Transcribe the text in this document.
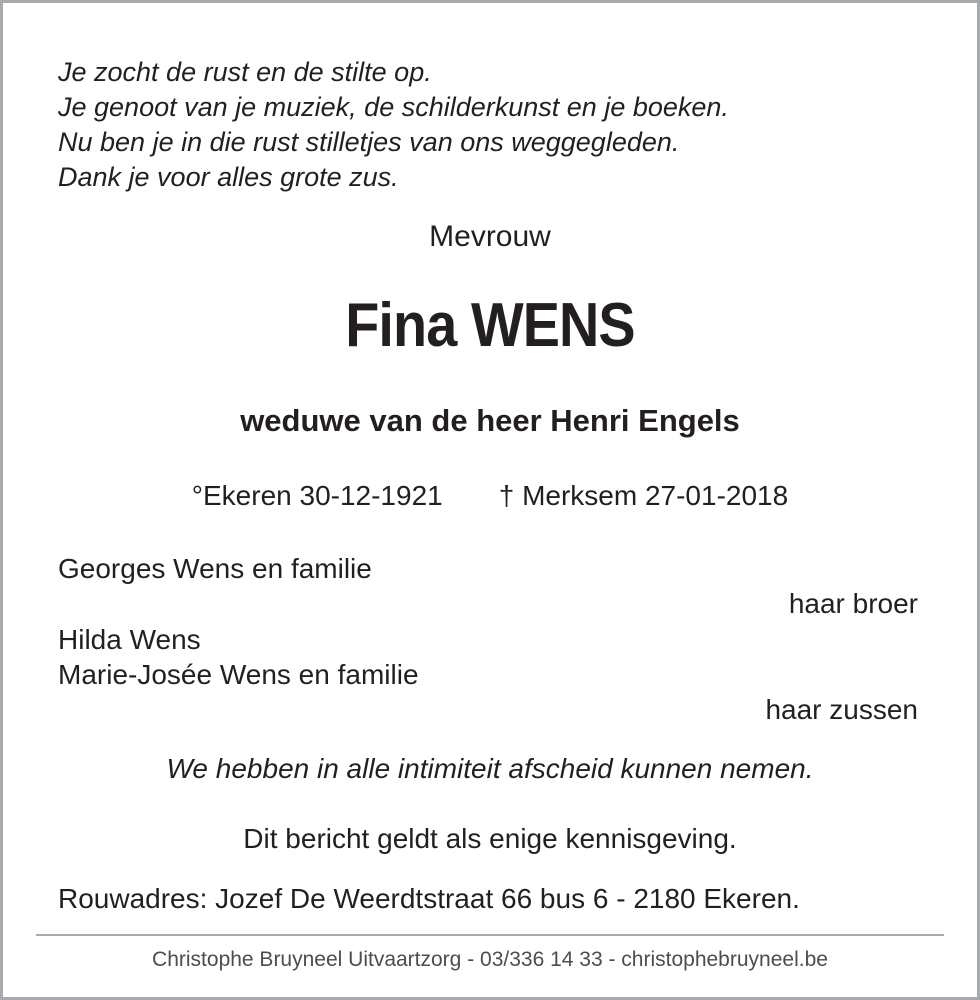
Je zocht de rust en de stilte op.
Je genoot van je muziek, de schilderkunst en je boeken.
Nu ben je in die rust stilletjes van ons weggegleden.
Dank je voor alles grote zus.
Mevrouw
Fina WENS
weduwe van de heer Henri Engels
°Ekeren 30-12-1921 † Merksem 27-01-2018
Georges Wens en familie
haar broer
Hilda Wens
Marie-Josée Wens en familie
haar zussen
We hebben in alle intimiteit afscheid kunnen nemen.
Dit bericht geldt als enige kennisgeving.
Rouwadres: Jozef De Weerdtstraat 66 bus 6 - 2180 Ekeren.
Christophe Bruyneel Uitvaartzorg - 03/336 14 33 - christophebruyneel.be
